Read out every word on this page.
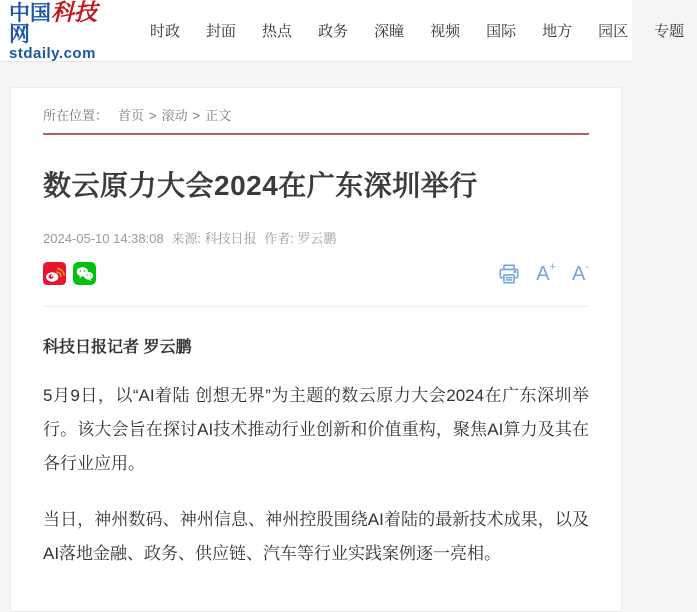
中国科技网
stdaily.com
时政	封面	热点	政务	深瞳	视频	国际	地方	园区	专题
所在位置： 首页 > 滚动 > 正文
数云原力大会2024在广东深圳举行
2024-05-10 14:38:08 来源: 科技日报 作者: 罗云鹏
A+ A-

科技日报记者 罗云鹏

5月9日，以“AI着陆 创想无界”为主题的数云原力大会2024在广东深圳举行。该大会旨在探讨AI技术推动行业创新和价值重构，聚焦AI算力及其在各行业应用。

当日，神州数码、神州信息、神州控股围绕AI着陆的最新技术成果，以及AI落地金融、政务、供应链、汽车等行业实践案例逐一亮相。
